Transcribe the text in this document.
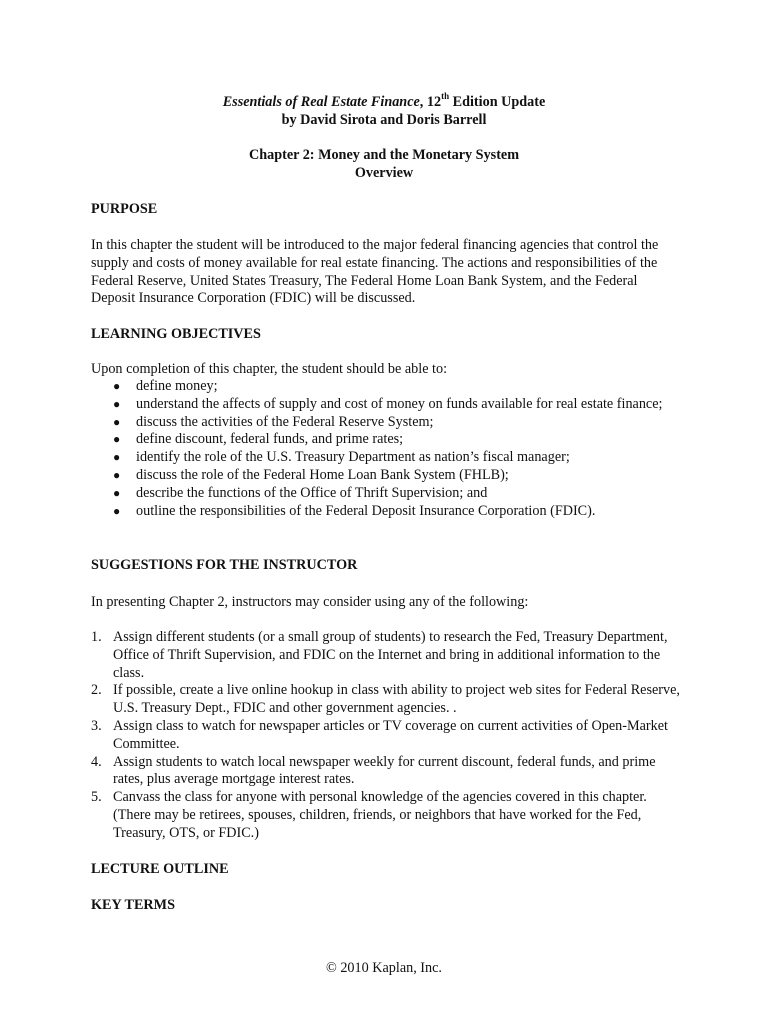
Essentials of Real Estate Finance, 12th Edition Update
by David Sirota and Doris Barrell
Chapter 2: Money and the Monetary System
Overview
PURPOSE

In this chapter the student will be introduced to the major federal financing agencies that control the supply and costs of money available for real estate financing. The actions and responsibilities of the Federal Reserve, United States Treasury, The Federal Home Loan Bank System, and the Federal Deposit Insurance Corporation (FDIC) will be discussed.

LEARNING OBJECTIVES

Upon completion of this chapter, the student should be able to:

● define money;
● understand the affects of supply and cost of money on funds available for real estate finance;
● discuss the activities of the Federal Reserve System;
● define discount, federal funds, and prime rates;
● identify the role of the U.S. Treasury Department as nation’s fiscal manager;
● discuss the role of the Federal Home Loan Bank System (FHLB);
● describe the functions of the Office of Thrift Supervision; and
● outline the responsibilities of the Federal Deposit Insurance Corporation (FDIC).
SUGGESTIONS FOR THE INSTRUCTOR

In presenting Chapter 2, instructors may consider using any of the following:

1. Assign different students (or a small group of students) to research the Fed, Treasury Department, Office of Thrift Supervision, and FDIC on the Internet and bring in additional information to the class.
2. If possible, create a live online hookup in class with ability to project web sites for Federal Reserve, U.S. Treasury Dept., FDIC and other government agencies. .
3. Assign class to watch for newspaper articles or TV coverage on current activities of Open-Market Committee.
4. Assign students to watch local newspaper weekly for current discount, federal funds, and prime rates, plus average mortgage interest rates.
5. Canvass the class for anyone with personal knowledge of the agencies covered in this chapter. (There may be retirees, spouses, children, friends, or neighbors that have worked for the Fed, Treasury, OTS, or FDIC.)
LECTURE OUTLINE
KEY TERMS
© 2010 Kaplan, Inc.
